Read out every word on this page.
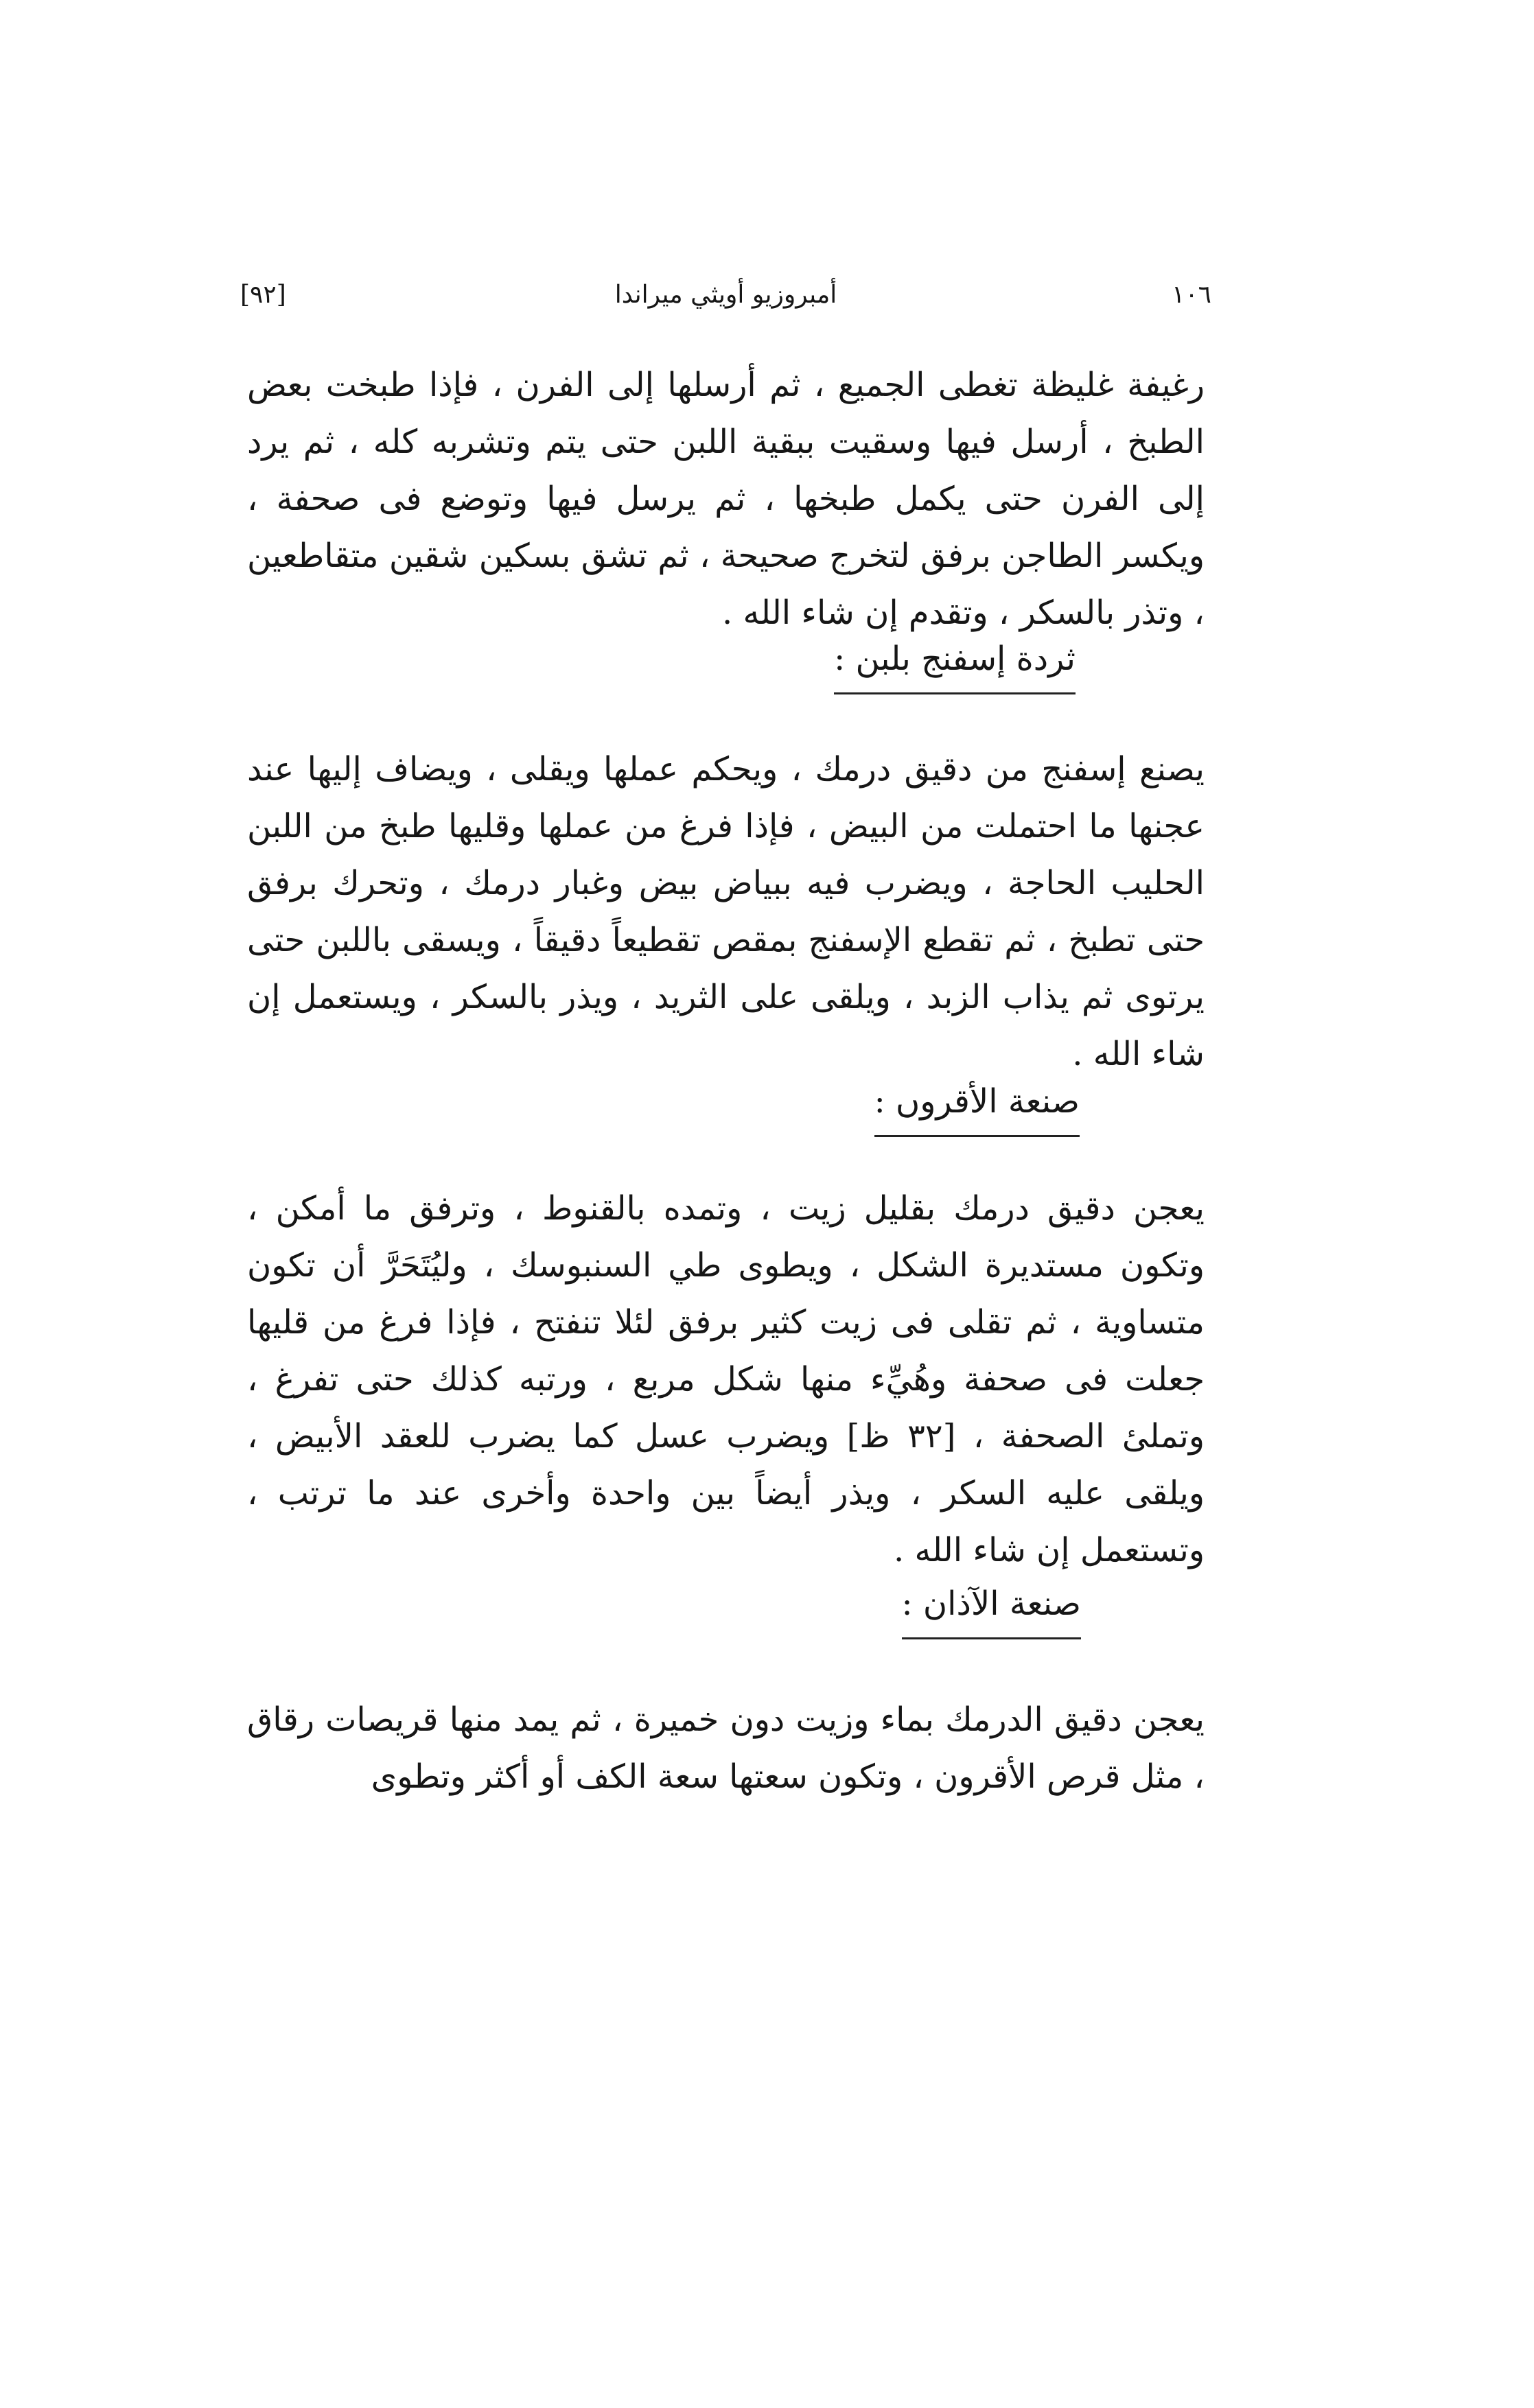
[٩٢]	أمبروزيو أويثي ميراندا	١٠٦

رغيفة غليظة تغطى الجميع ، ثم أرسلها إلى الفرن ، فإذا طبخت بعض الطبخ ، أرسل فيها وسقيت ببقية اللبن حتى يتم وتشربه كله ، ثم يرد إلى الفرن حتى يكمل طبخها ، ثم يرسل فيها وتوضع فى صحفة ، ويكسر الطاجن برفق لتخرج صحيحة ، ثم تشق بسكين شقين متقاطعين ، وتذر بالسكر ، وتقدم إن شاء الله .

ثردة إسفنج بلبن :

يصنع إسفنج من دقيق درمك ، ويحكم عملها ويقلى ، ويضاف إليها عند عجنها ما احتملت من البيض ، فإذا فرغ من عملها وقليها طبخ من اللبن الحليب الحاجة ، ويضرب فيه ببياض بيض وغبار درمك ، وتحرك برفق حتى تطبخ ، ثم تقطع الإسفنج بمقص تقطيعاً دقيقاً ، ويسقى باللبن حتى يرتوى ثم يذاب الزبد ، ويلقى على الثريد ، ويذر بالسكر ، ويستعمل إن شاء الله .

صنعة الأقروں :

يعجن دقيق درمك بقليل زيت ، وتمده بالقنوط ، وترفق ما أمكن ، وتكون مستديرة الشكل ، ويطوى طي السنبوسك ، وليُتَحَرَّ أن تكون متساوية ، ثم تقلى فى زيت كثير برفق لئلا تنفتح ، فإذا فرغ من قليها جعلت فى صحفة وهُيِّء منها شكل مربع ، ورتبه كذلك حتى تفرغ ، وتملىٔ الصحفة ، [٣٢ ظ] ويضرب عسل كما يضرب للعقد الأبيض ، ويلقى عليه السكر ، ويذر أيضاً بين واحدة وأخرى عند ما ترتب ، وتستعمل إن شاء الله .

صنعة الآذان :

يعجن دقيق الدرمك بماء وزيت دون خميرة ، ثم يمد منها قريصات رقاق ، مثل قرص الأقرون ، وتكون سعتها سعة الكف أو أكثر وتطوى
